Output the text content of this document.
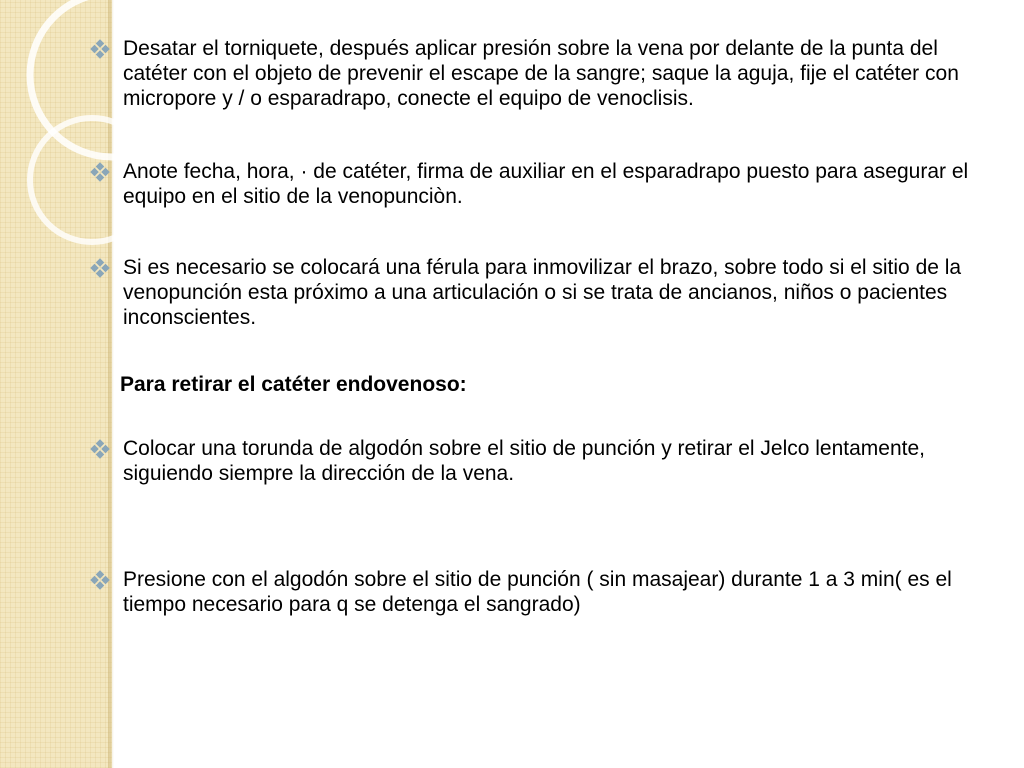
Desatar el torniquete, después aplicar presión sobre la vena por delante de la punta del catéter con el objeto de prevenir el escape de la sangre; saque la aguja, fije el catéter con micropore y / o esparadrapo, conecte el equipo de venoclisis.
Anote fecha, hora, · de catéter, firma de auxiliar en el esparadrapo puesto para asegurar el equipo en el sitio de la venopunciòn.
Si es necesario se colocará una férula para inmovilizar el brazo, sobre todo si el sitio de la venopunción esta próximo a una articulación o si se trata de ancianos, niños o pacientes inconscientes.
Para retirar el catéter endovenoso:
Colocar una torunda de algodón sobre el sitio de punción y retirar el Jelco lentamente, siguiendo siempre la dirección de la vena.
Presione con el algodón sobre el sitio de punción ( sin masajear) durante 1 a 3 min( es el tiempo necesario para q se detenga el sangrado)
